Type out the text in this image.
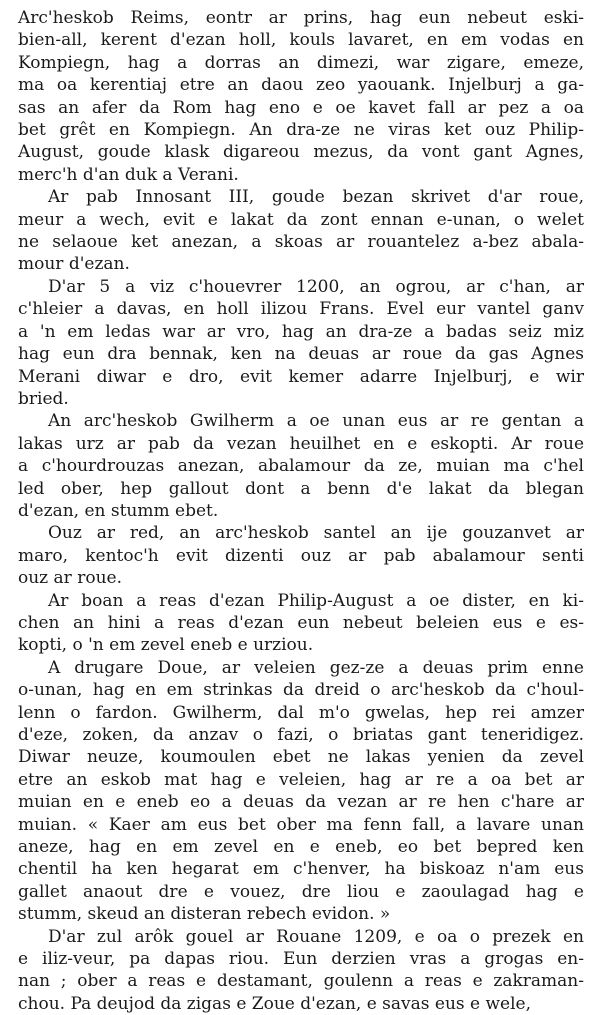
Arc'heskob Reims, eontr ar prins, hag eun nebeut eski-
bien-all, kerent d'ezan holl, kouls lavaret, en em vodas en
Kompiegn, hag a dorras an dimezi, war zigare, emeze,
ma oa kerentiaj etre an daou zeo yaouank. Injelburj a ga-
sas an afer da Rom hag eno e oe kavet fall ar pez a oa
bet grêt en Kompiegn. An dra-ze ne viras ket ouz Philip-
August, goude klask digareou mezus, da vont gant Agnes,
merc'h d'an duk a Verani.
Ar pab Innosant III, goude bezan skrivet d'ar roue,
meur a wech, evit e lakat da zont ennan e-unan, o welet
ne selaoue ket anezan, a skoas ar rouantelez a-bez abala-
mour d'ezan.
D'ar 5 a viz c'houevrer 1200, an ogrou, ar c'han, ar
c'hleier a davas, en holl ilizou Frans. Evel eur vantel ganv
a 'n em ledas war ar vro, hag an dra-ze a badas seiz miz
hag eun dra bennak, ken na deuas ar roue da gas Agnes
Merani diwar e dro, evit kemer adarre Injelburj, e wir
bried.
An arc'heskob Gwilherm a oe unan eus ar re gentan a
lakas urz ar pab da vezan heuilhet en e eskopti. Ar roue
a c'hourdrouzas anezan, abalamour da ze, muian ma c'hel
led ober, hep gallout dont a benn d'e lakat da blegan
d'ezan, en stumm ebet.
Ouz ar red, an arc'heskob santel an ije gouzanvet ar
maro, kentoc'h evit dizenti ouz ar pab abalamour senti
ouz ar roue.
Ar boan a reas d'ezan Philip-August a oe dister, en ki-
chen an hini a reas d'ezan eun nebeut beleien eus e es-
kopti, o 'n em zevel eneb e urziou.
A drugare Doue, ar veleien gez-ze a deuas prim enne
o-unan, hag en em strinkas da dreid o arc'heskob da c'houl-
lenn o fardon. Gwilherm, dal m'o gwelas, hep rei amzer
d'eze, zoken, da anzav o fazi, o briatas gant teneridigez.
Diwar neuze, koumoulen ebet ne lakas yenien da zevel
etre an eskob mat hag e veleien, hag ar re a oa bet ar
muian en e eneb eo a deuas da vezan ar re hen c'hare ar
muian. « Kaer am eus bet ober ma fenn fall, a lavare unan
aneze, hag en em zevel en e eneb, eo bet bepred ken
chentil ha ken hegarat em c'henver, ha biskoaz n'am eus
gallet anaout dre e vouez, dre liou e zaoulagad hag e
stumm, skeud an disteran rebech evidon. »
D'ar zul arôk gouel ar Rouane 1209, e oa o prezek en
e iliz-veur, pa dapas riou. Eun derzien vras a grogas en-
nan ; ober a reas e destamant, goulenn a reas e zakraman-
chou. Pa deujod da zigas e Zoue d'ezan, e savas eus e wele,
